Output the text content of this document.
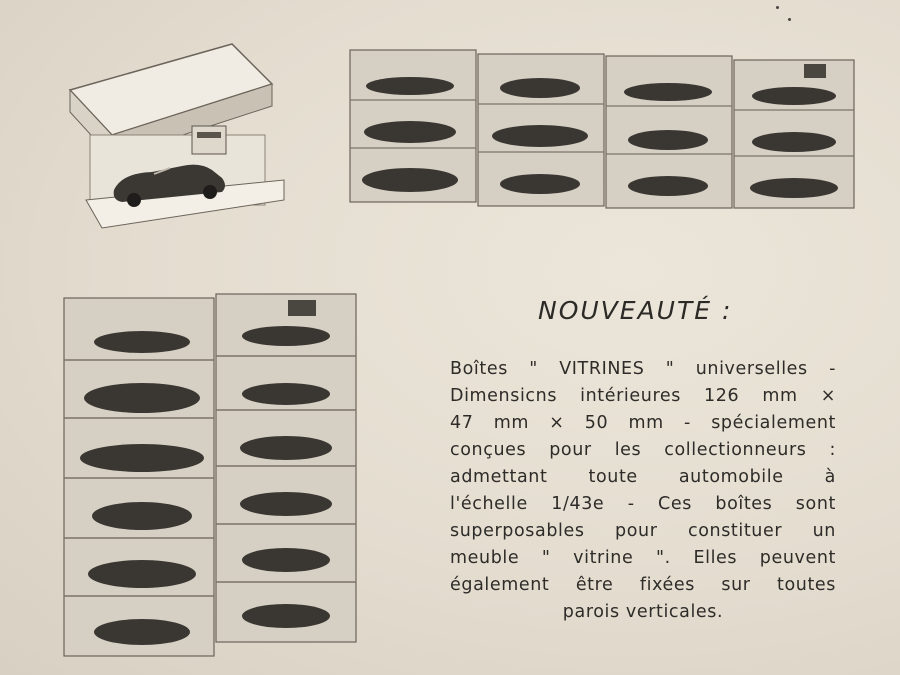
NOUVEAUTÉ :
Boîtes " VITRINES " universelles -
Dimensicns intérieures 126 mm ×
47 mm × 50 mm - spécialement
conçues pour les collectionneurs :
admettant toute automobile à
l'échelle 1/43e - Ces boîtes sont
superposables pour constituer un
meuble " vitrine ". Elles peuvent
également être fixées sur toutes
parois verticales.
